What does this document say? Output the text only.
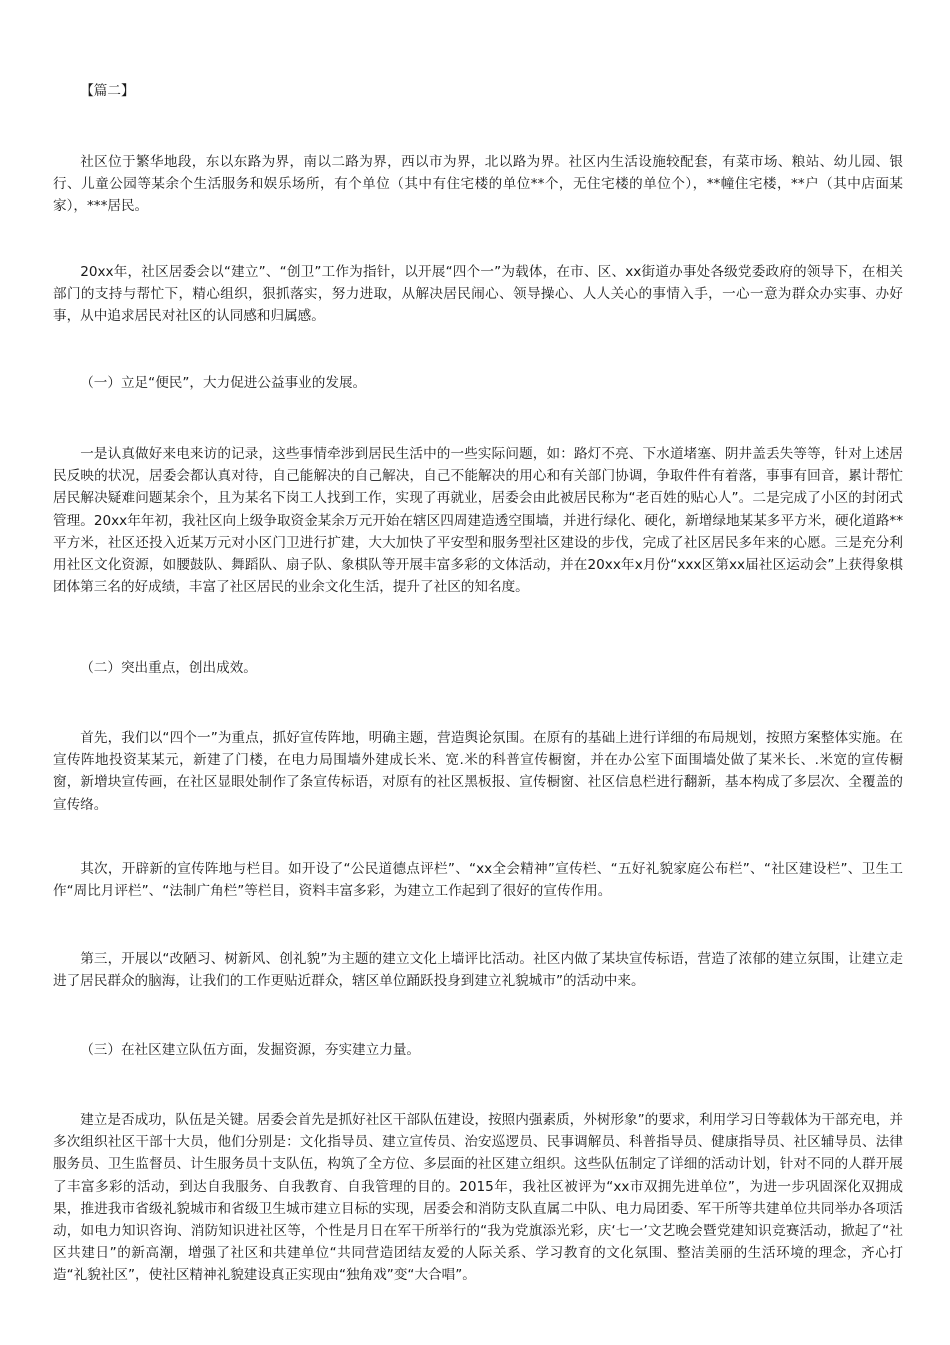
【篇二】

社区位于繁华地段，东以东路为界，南以二路为界，西以市为界，北以路为界。社区内生活设施较配套，有菜市场、粮站、幼儿园、银行、儿童公园等某余个生活服务和娱乐场所，有个单位（其中有住宅楼的单位**个，无住宅楼的单位个），**幢住宅楼，**户（其中店面某家），***居民。

20xx年，社区居委会以“建立”、“创卫”工作为指针，以开展“四个一”为载体，在市、区、xx街道办事处各级党委政府的领导下，在相关部门的支持与帮忙下，精心组织，狠抓落实，努力进取，从解决居民闹心、领导操心、人人关心的事情入手，一心一意为群众办实事、办好事，从中追求居民对社区的认同感和归属感。

（一）立足“便民”，大力促进公益事业的发展。

一是认真做好来电来访的记录，这些事情牵涉到居民生活中的一些实际问题，如：路灯不亮、下水道堵塞、阴井盖丢失等等，针对上述居民反映的状况，居委会都认真对待，自己能解决的自己解决，自己不能解决的用心和有关部门协调，争取件件有着落，事事有回音，累计帮忙居民解决疑难问题某余个，且为某名下岗工人找到工作，实现了再就业，居委会由此被居民称为“老百姓的贴心人”。二是完成了小区的封闭式管理。20xx年年初，我社区向上级争取资金某余万元开始在辖区四周建造透空围墙，并进行绿化、硬化，新增绿地某某多平方米，硬化道路**平方米，社区还投入近某万元对小区门卫进行扩建，大大加快了平安型和服务型社区建设的步伐，完成了社区居民多年来的心愿。三是充分利用社区文化资源，如腰鼓队、舞蹈队、扇子队、象棋队等开展丰富多彩的文体活动，并在20xx年x月份“xxx区第xx届社区运动会”上获得象棋团体第三名的好成绩，丰富了社区居民的业余文化生活，提升了社区的知名度。

（二）突出重点，创出成效。

首先，我们以“四个一”为重点，抓好宣传阵地，明确主题，营造舆论氛围。在原有的基础上进行详细的布局规划，按照方案整体实施。在宣传阵地投资某某元，新建了门楼，在电力局围墙外建成长米、宽.米的科普宣传橱窗，并在办公室下面围墙处做了某米长、.米宽的宣传橱窗，新增块宣传画，在社区显眼处制作了条宣传标语，对原有的社区黑板报、宣传橱窗、社区信息栏进行翻新，基本构成了多层次、全覆盖的宣传络。

其次，开辟新的宣传阵地与栏目。如开设了“公民道德点评栏”、“xx全会精神”宣传栏、“五好礼貌家庭公布栏”、“社区建设栏”、卫生工作“周比月评栏”、“法制广角栏”等栏目，资料丰富多彩，为建立工作起到了很好的宣传作用。

第三，开展以“改陋习、树新风、创礼貌”为主题的建立文化上墙评比活动。社区内做了某块宣传标语，营造了浓郁的建立氛围，让建立走进了居民群众的脑海，让我们的工作更贴近群众，辖区单位踊跃投身到建立礼貌城市”的活动中来。

（三）在社区建立队伍方面，发掘资源，夯实建立力量。

建立是否成功，队伍是关键。居委会首先是抓好社区干部队伍建设，按照内强素质，外树形象”的要求，利用学习日等载体为干部充电，并多次组织社区干部十大员，他们分别是：文化指导员、建立宣传员、治安巡逻员、民事调解员、科普指导员、健康指导员、社区辅导员、法律服务员、卫生监督员、计生服务员十支队伍，构筑了全方位、多层面的社区建立组织。这些队伍制定了详细的活动计划，针对不同的人群开展了丰富多彩的活动，到达自我服务、自我教育、自我管理的目的。2015年，我社区被评为“xx市双拥先进单位”，为进一步巩固深化双拥成果，推进我市省级礼貌城市和省级卫生城市建立目标的实现，居委会和消防支队直属二中队、电力局团委、军干所等共建单位共同举办各项活动，如电力知识咨询、消防知识进社区等，个性是月日在军干所举行的“我为党旗添光彩，庆‘七一’文艺晚会暨党建知识竞赛活动，掀起了“社区共建日”的新高潮，增强了社区和共建单位“共同营造团结友爱的人际关系、学习教育的文化氛围、整洁美丽的生活环境的理念，齐心打造“礼貌社区”，使社区精神礼貌建设真正实现由“独角戏”变“大合唱”。
